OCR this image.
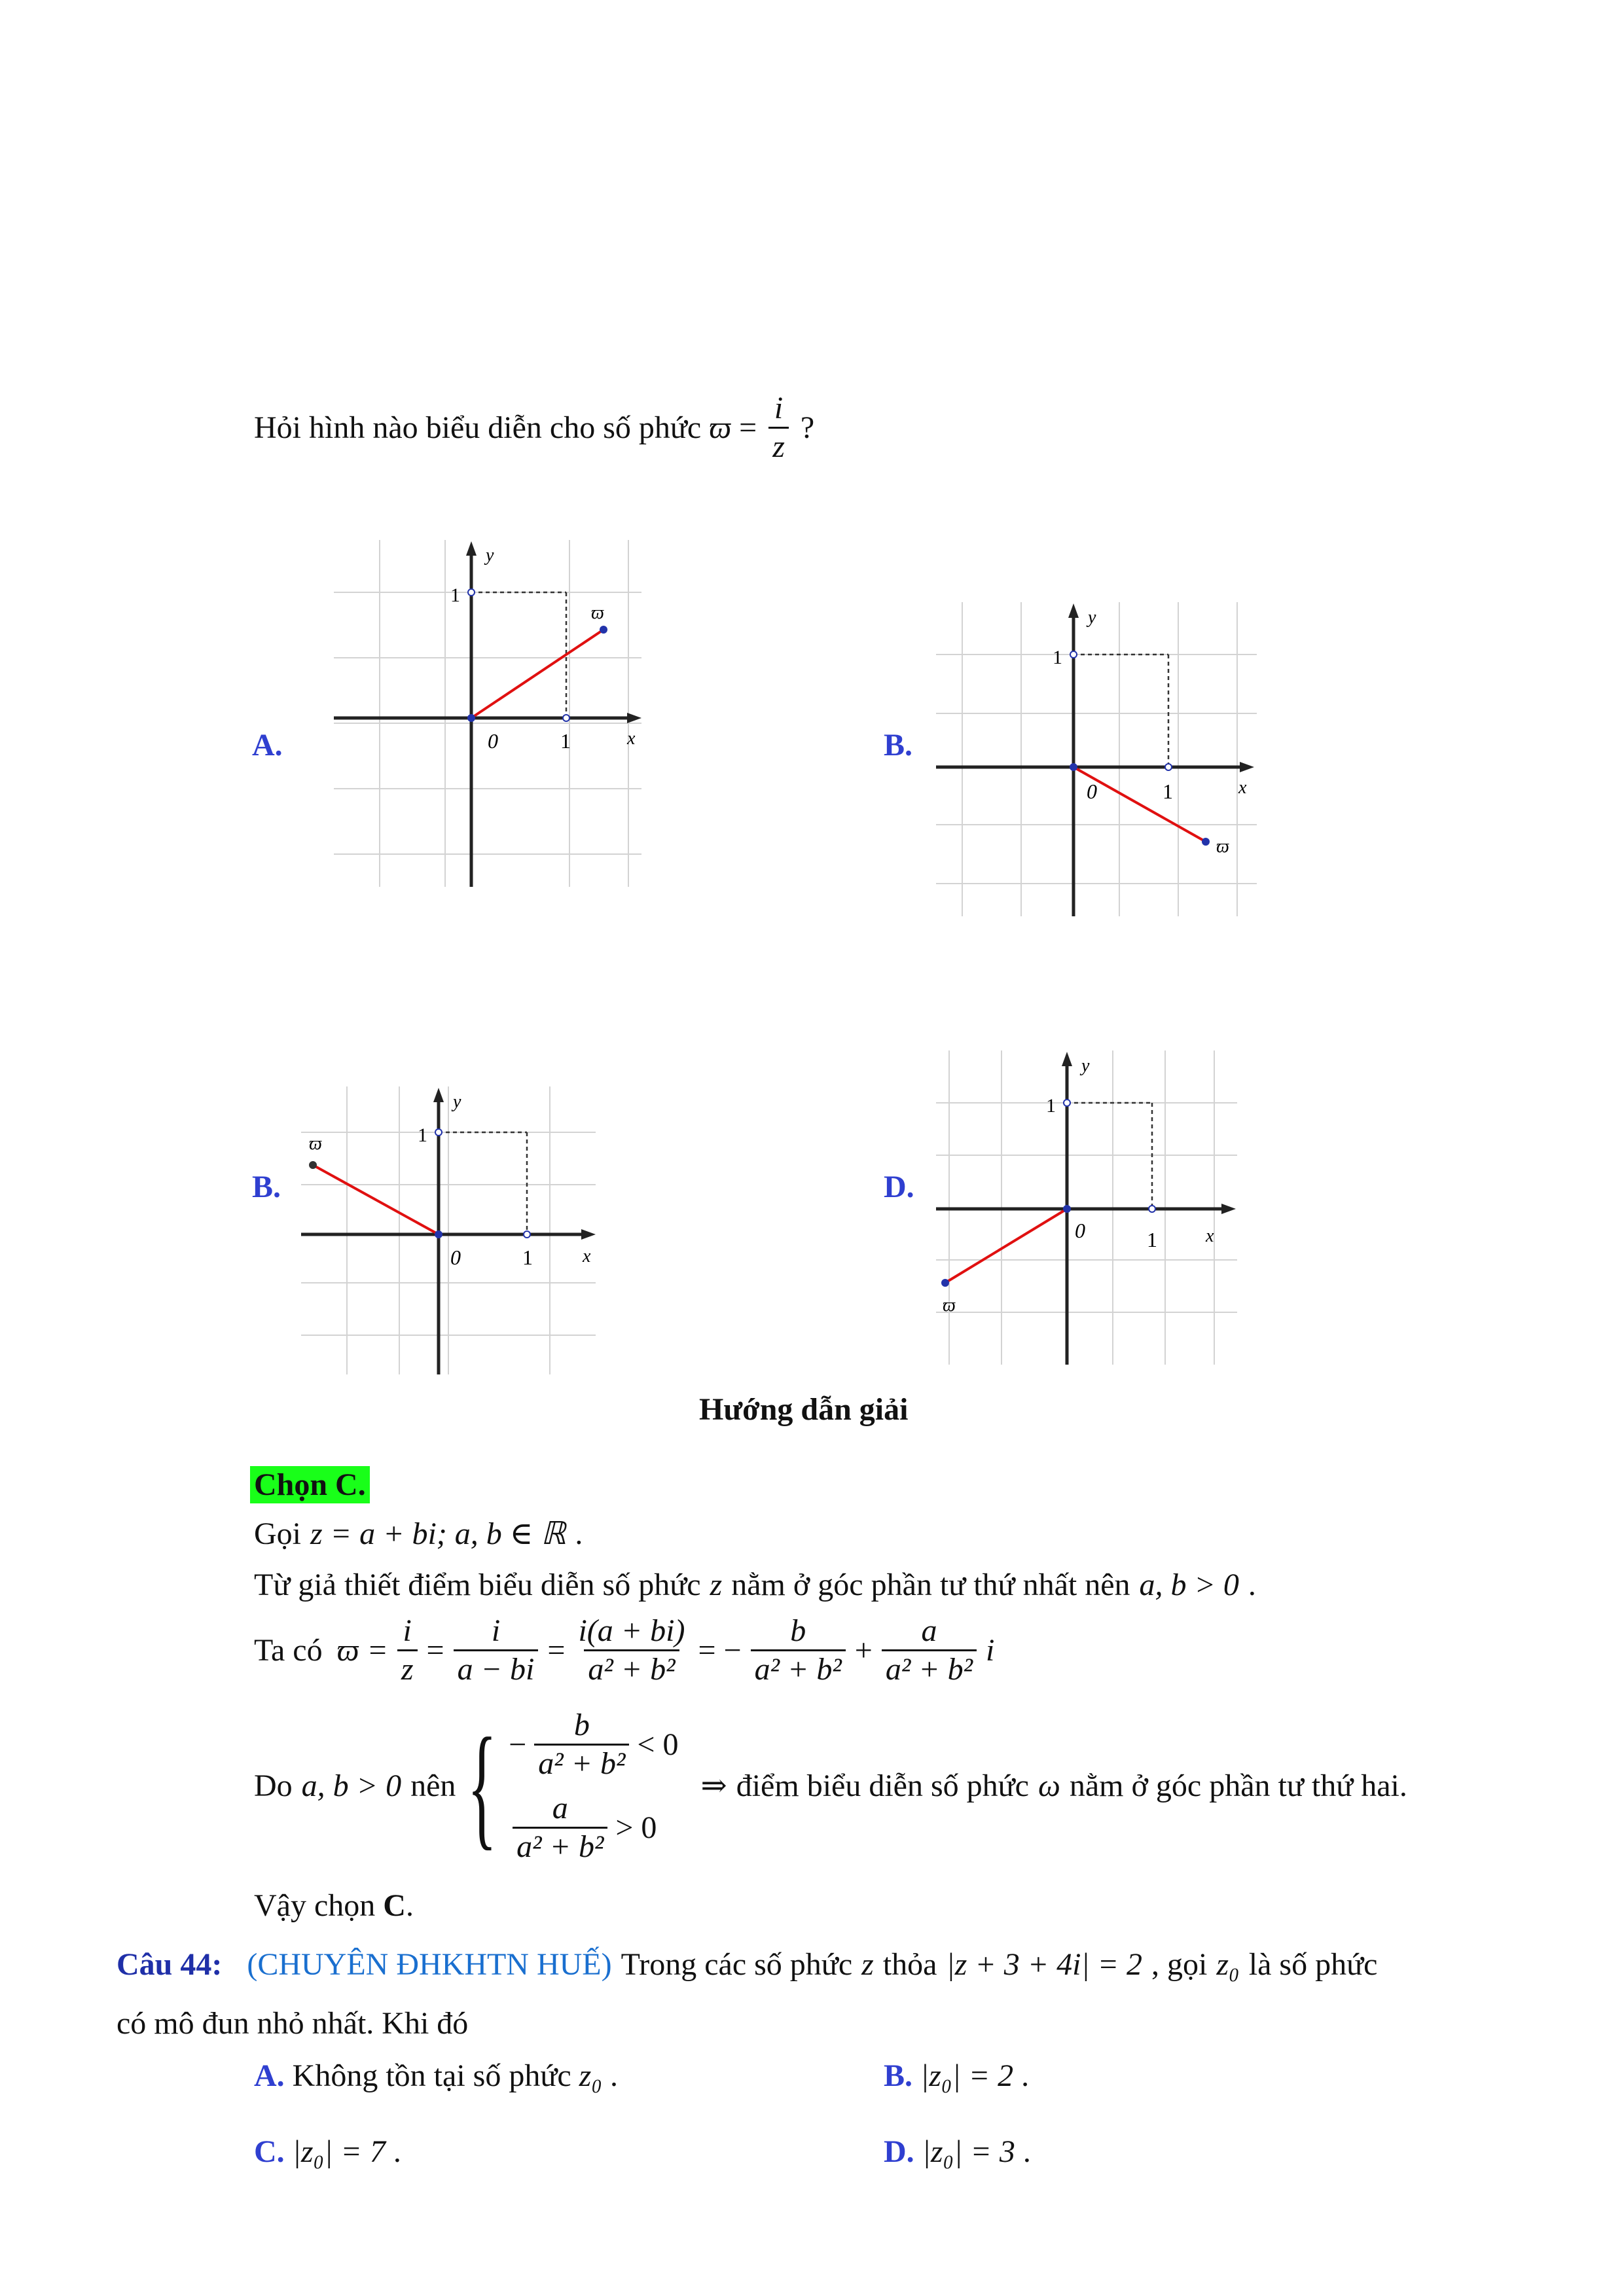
Hỏi hình nào biểu diễn cho số phức $ϖ = \frac{i}{z}$ ?
A.	B.
B.	D.
y
1
ϖ
0	1	x
y
1
0	1	x
ϖ
y
1
ϖ
0	1	x
y
1
0	1	x
ϖ
Hướng dẫn giải
Chọn C.
Gọi z = a + bi; a, b ∈ ℝ .
Từ giả thiết điểm biểu diễn số phức z nằm ở góc phần tư thứ nhất nên a, b > 0 .
Ta có $ϖ = \frac{i}{z} = \frac{i}{a - bi} = \frac{i(a + bi)}{\text{a² + b²}}$ = − $\frac{b}{\text{a² + b²}} + \frac{a}{\text{a² + b²}}$ i
Do a, b > 0 nên { − $\frac{b}{\text{a² + b²}} < 0$
$\frac{a}{\text{a² + b²}} > 0$
⇒ điểm biểu diễn số phức ω nằm ở góc phần tư thứ hai.
Vậy chọn C.
Câu 44: (CHUYÊN ĐHKHTN HUẾ) Trong các số phức z thỏa |z + 3 + 4i| = 2 , gọi z₀ là số phức
có mô đun nhỏ nhất. Khi đó
A. Không tồn tại số phức z₀ .	B. |z₀| = 2 .
C. |z₀| = 7 .	D. |z₀| = 3 .
